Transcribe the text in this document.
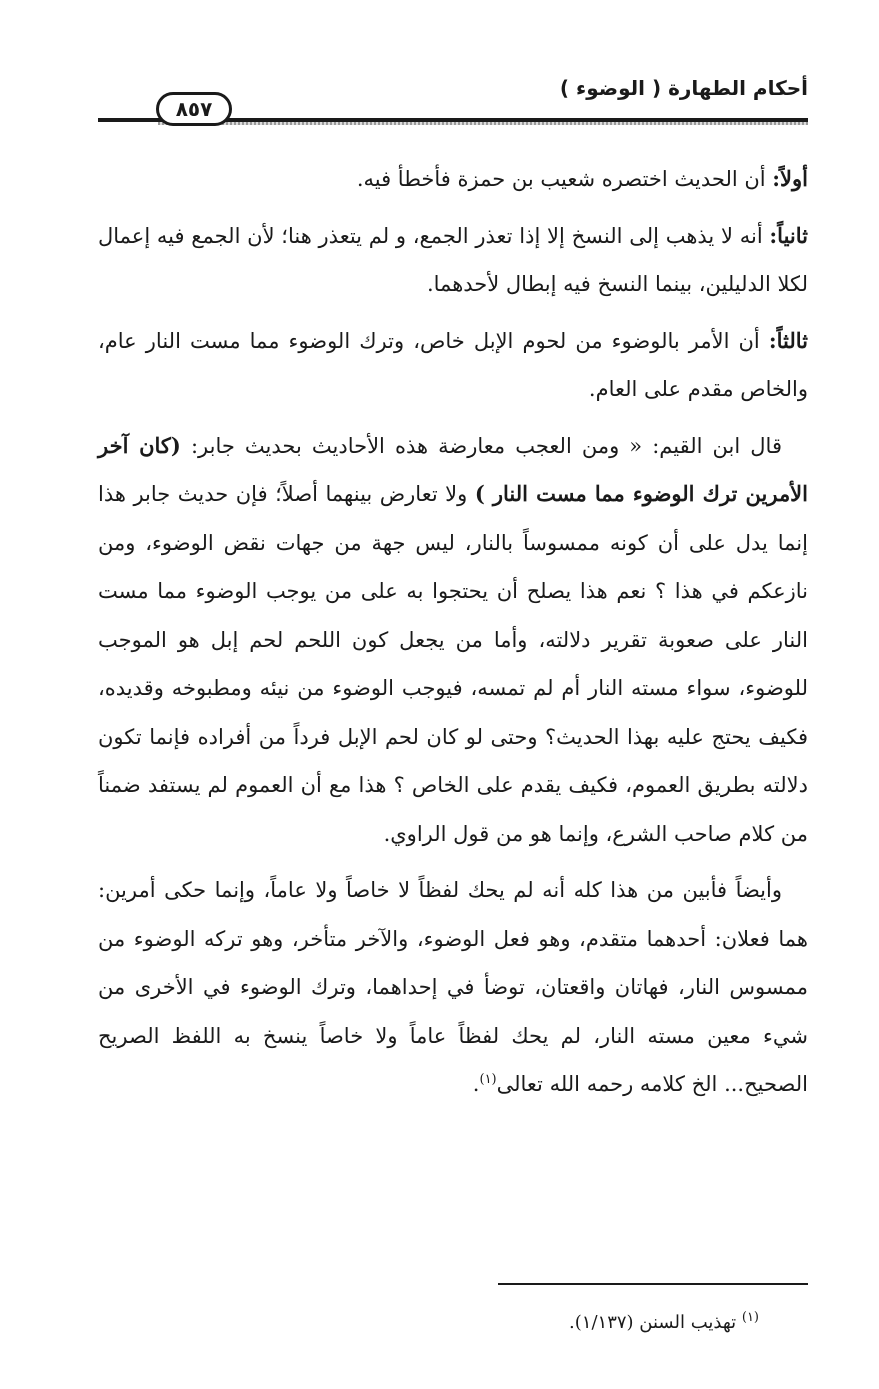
أحكام الطهارة ( الوضوء )
٨٥٧

أولاً: أن الحديث اختصره شعيب بن حمزة فأخطأ فيه.

ثانياً: أنه لا يذهب إلى النسخ إلا إذا تعذر الجمع، و لم يتعذر هنا؛ لأن الجمع فيه إعمال لكلا الدليلين، بينما النسخ فيه إبطال لأحدهما.

ثالثاً: أن الأمر بالوضوء من لحوم الإبل خاص، وترك الوضوء مما مست النار عام، والخاص مقدم على العام.

قال ابن القيم: « ومن العجب معارضة هذه الأحاديث بحديث جابر: (كان آخر الأمرين ترك الوضوء مما مست النار ) ولا تعارض بينهما أصلاً؛ فإن حديث جابر هذا إنما يدل على أن كونه ممسوساً بالنار، ليس جهة من جهات نقض الوضوء، ومن نازعكم في هذا ؟ نعم هذا يصلح أن يحتجوا به على من يوجب الوضوء مما مست النار على صعوبة تقرير دلالته، وأما من يجعل كون اللحم لحم إبل هو الموجب للوضوء، سواء مسته النار أم لم تمسه، فيوجب الوضوء من نيئه ومطبوخه وقديده، فكيف يحتج عليه بهذا الحديث؟ وحتى لو كان لحم الإبل فرداً من أفراده فإنما تكون دلالته بطريق العموم، فكيف يقدم على الخاص ؟ هذا مع أن العموم لم يستفد ضمناً من كلام صاحب الشرع، وإنما هو من قول الراوي.

وأيضاً فأبين من هذا كله أنه لم يحك لفظاً لا خاصاً ولا عاماً، وإنما حكى أمرين: هما فعلان: أحدهما متقدم، وهو فعل الوضوء، والآخر متأخر، وهو تركه الوضوء من ممسوس النار، فهاتان واقعتان، توضأ في إحداهما، وترك الوضوء في الأخرى من شيء معين مسته النار، لم يحك لفظاً عاماً ولا خاصاً ينسخ به اللفظ الصريح الصحيح... الخ كلامه رحمه الله تعالى$^{(١)}$.

$^{(١)}$ تهذيب السنن (١/١٣٧).
